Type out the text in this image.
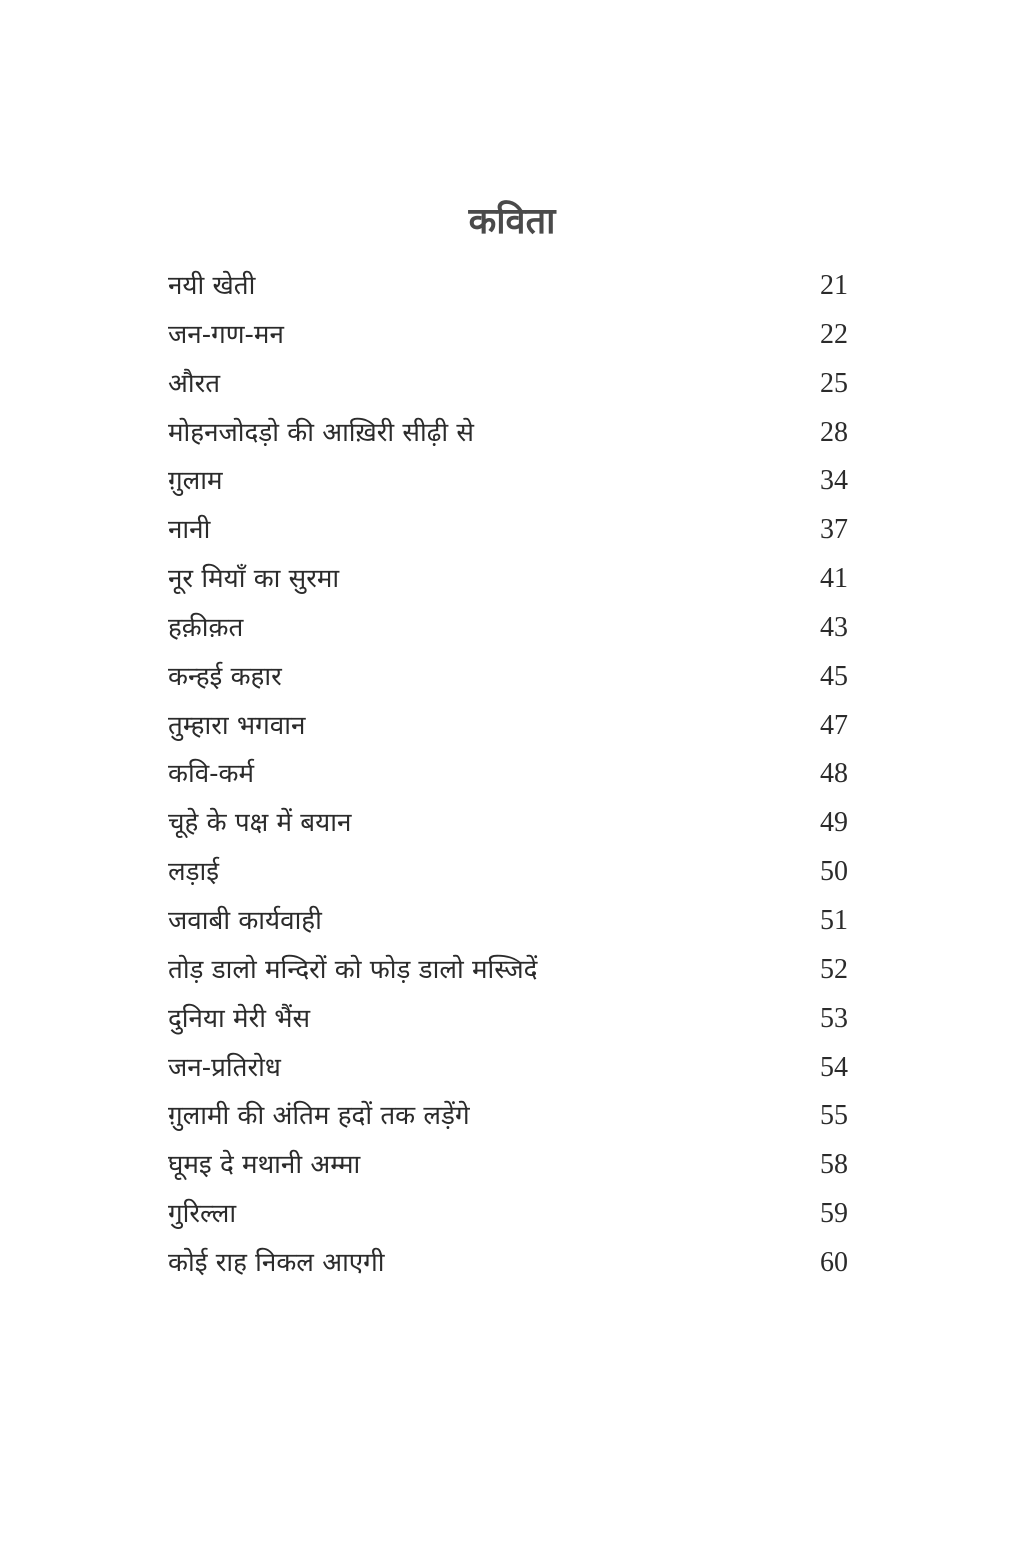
कविता
नयी खेती	21
जन-गण-मन	22
औरत	25
मोहनजोदड़ो की आख़िरी सीढ़ी से	28
ग़ुलाम	34
नानी	37
नूर मियाँ का सुरमा	41
हक़ीक़त	43
कन्हई कहार	45
तुम्हारा भगवान	47
कवि-कर्म	48
चूहे के पक्ष में बयान	49
लड़ाई	50
जवाबी कार्यवाही	51
तोड़ डालो मन्दिरों को फोड़ डालो मस्जिदें	52
दुनिया मेरी भैंस	53
जन-प्रतिरोध	54
ग़ुलामी की अंतिम हदों तक लड़ेंगे	55
घूमइ दे मथानी अम्मा	58
गुरिल्ला	59
कोई राह निकल आएगी	60
